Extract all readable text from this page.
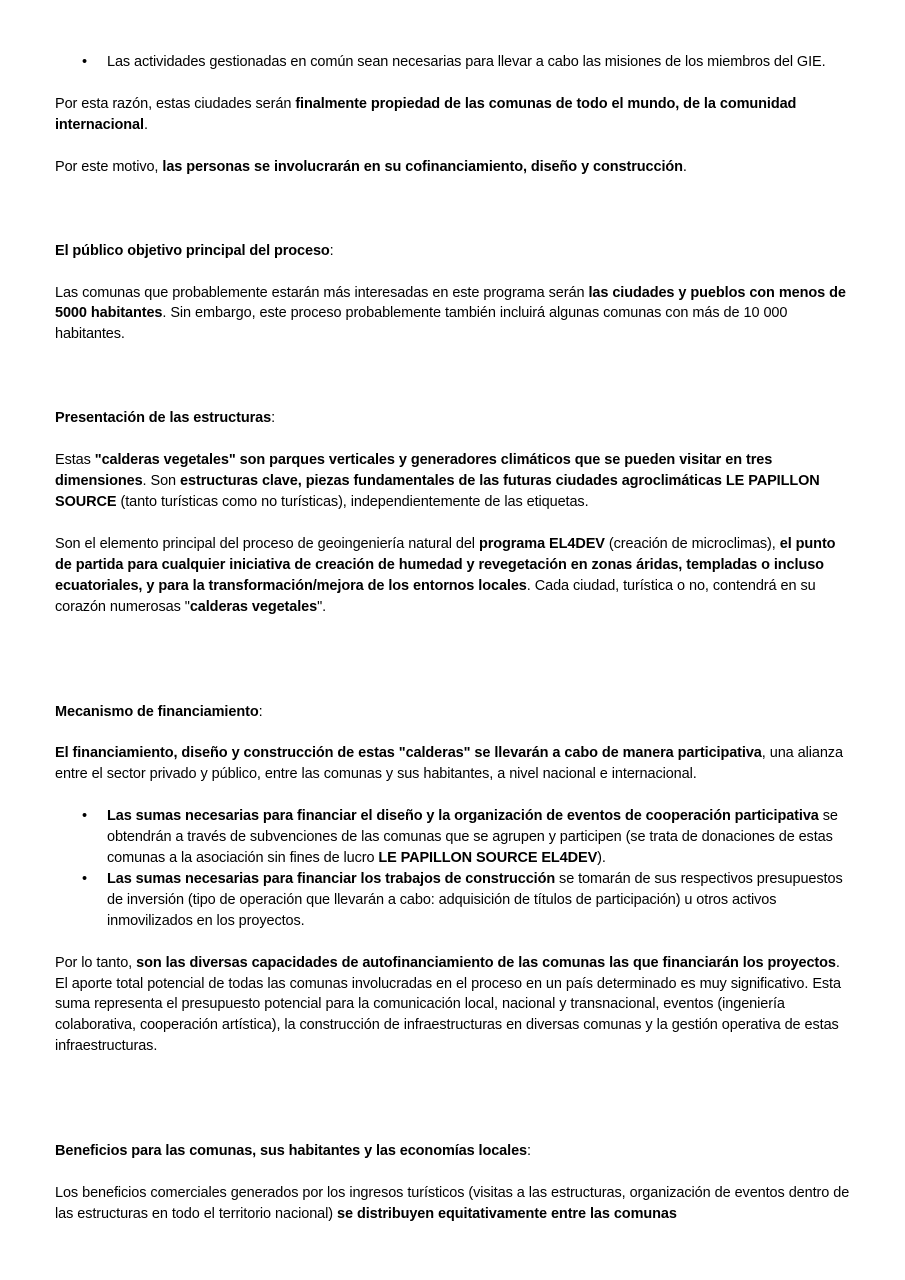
• Las actividades gestionadas en común sean necesarias para llevar a cabo las misiones de los miembros del GIE.

Por esta razón, estas ciudades serán finalmente propiedad de las comunas de todo el mundo, de la comunidad internacional.

Por este motivo, las personas se involucrarán en su cofinanciamiento, diseño y construcción.

El público objetivo principal del proceso:

Las comunas que probablemente estarán más interesadas en este programa serán las ciudades y pueblos con menos de 5000 habitantes. Sin embargo, este proceso probablemente también incluirá algunas comunas con más de 10 000 habitantes.

Presentación de las estructuras:

Estas "calderas vegetales" son parques verticales y generadores climáticos que se pueden visitar en tres dimensiones. Son estructuras clave, piezas fundamentales de las futuras ciudades agroclimáticas LE PAPILLON SOURCE (tanto turísticas como no turísticas), independientemente de las etiquetas.

Son el elemento principal del proceso de geoingeniería natural del programa EL4DEV (creación de microclimas), el punto de partida para cualquier iniciativa de creación de humedad y revegetación en zonas áridas, templadas o incluso ecuatoriales, y para la transformación/mejora de los entornos locales. Cada ciudad, turística o no, contendrá en su corazón numerosas "calderas vegetales".

Mecanismo de financiamiento:

El financiamiento, diseño y construcción de estas "calderas" se llevarán a cabo de manera participativa, una alianza entre el sector privado y público, entre las comunas y sus habitantes, a nivel nacional e internacional.

• Las sumas necesarias para financiar el diseño y la organización de eventos de cooperación participativa se obtendrán a través de subvenciones de las comunas que se agrupen y participen (se trata de donaciones de estas comunas a la asociación sin fines de lucro LE PAPILLON SOURCE EL4DEV).
• Las sumas necesarias para financiar los trabajos de construcción se tomarán de sus respectivos presupuestos de inversión (tipo de operación que llevarán a cabo: adquisición de títulos de participación) u otros activos inmovilizados en los proyectos.

Por lo tanto, son las diversas capacidades de autofinanciamiento de las comunas las que financiarán los proyectos. El aporte total potencial de todas las comunas involucradas en el proceso en un país determinado es muy significativo. Esta suma representa el presupuesto potencial para la comunicación local, nacional y transnacional, eventos (ingeniería colaborativa, cooperación artística), la construcción de infraestructuras en diversas comunas y la gestión operativa de estas infraestructuras.

Beneficios para las comunas, sus habitantes y las economías locales:

Los beneficios comerciales generados por los ingresos turísticos (visitas a las estructuras, organización de eventos dentro de las estructuras en todo el territorio nacional) se distribuyen equitativamente entre las comunas
